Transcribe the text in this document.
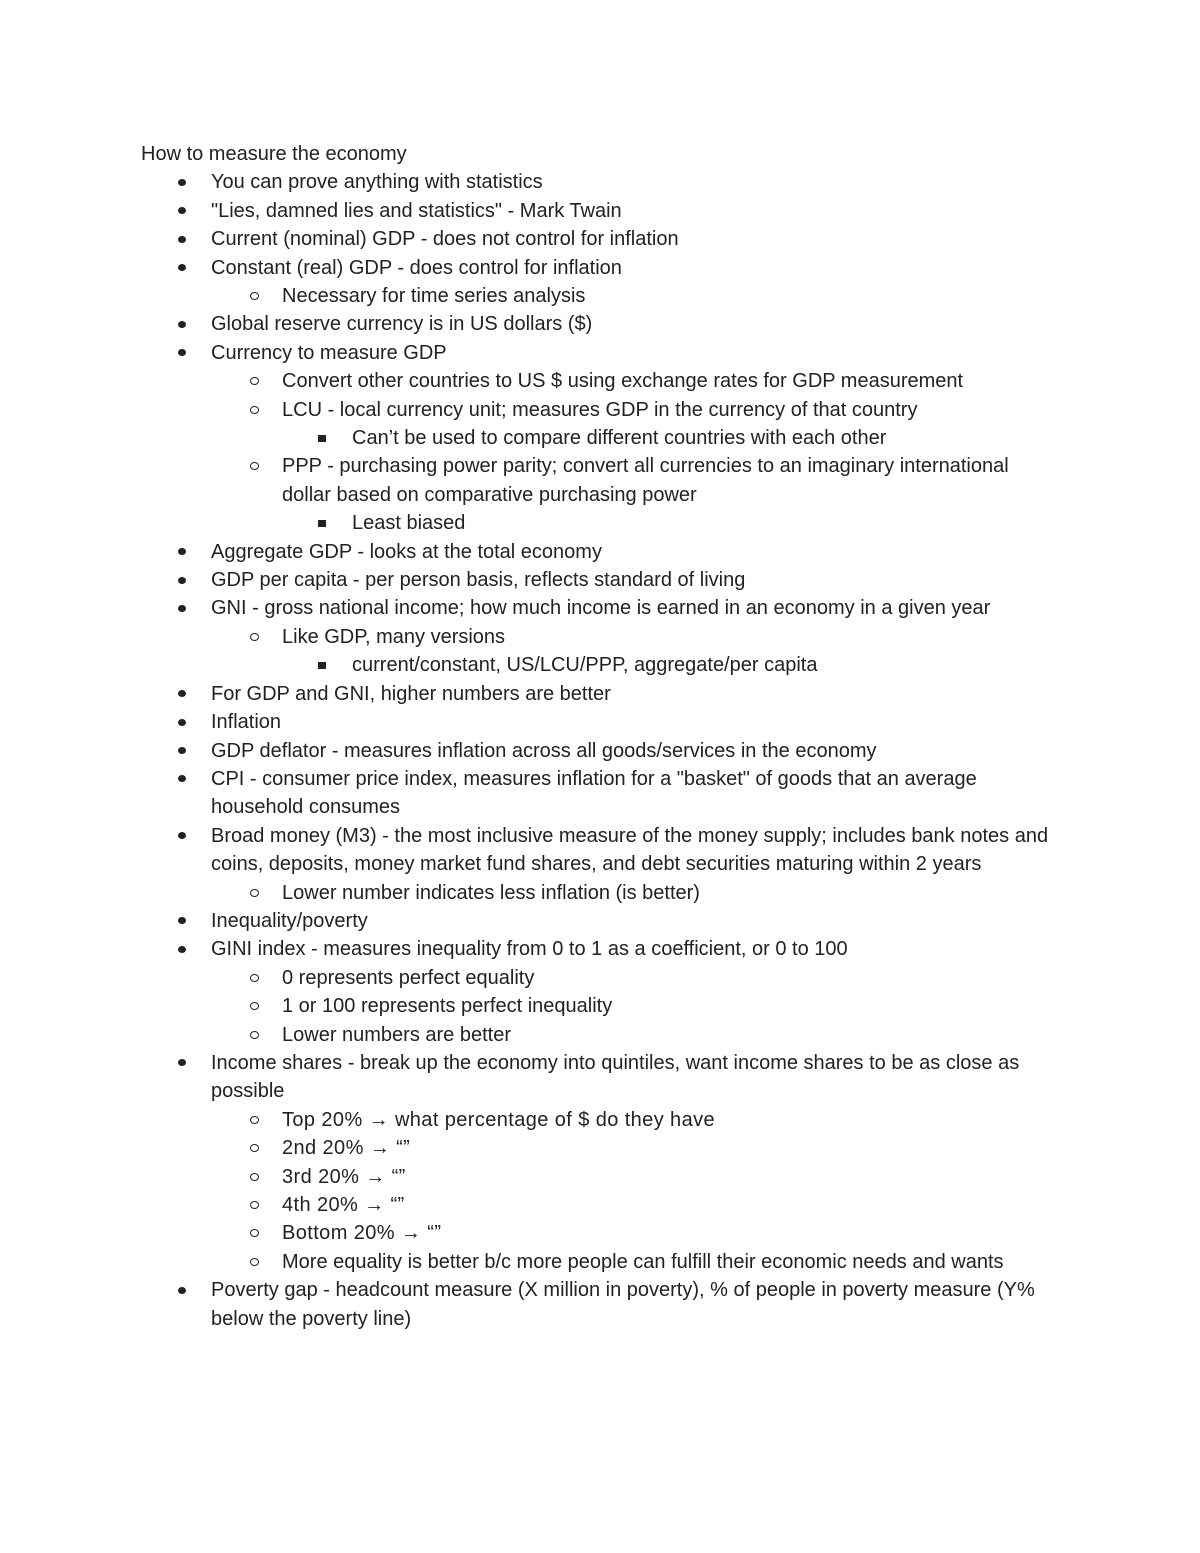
How to measure the economy
You can prove anything with statistics
"Lies, damned lies and statistics" - Mark Twain
Current (nominal) GDP - does not control for inflation
Constant (real) GDP - does control for inflation
Necessary for time series analysis
Global reserve currency is in US dollars ($)
Currency to measure GDP
Convert other countries to US $ using exchange rates for GDP measurement
LCU - local currency unit; measures GDP in the currency of that country
Can’t be used to compare different countries with each other
PPP - purchasing power parity; convert all currencies to an imaginary international dollar based on comparative purchasing power
Least biased
Aggregate GDP - looks at the total economy
GDP per capita - per person basis, reflects standard of living
GNI - gross national income; how much income is earned in an economy in a given year
Like GDP, many versions
current/constant, US/LCU/PPP, aggregate/per capita
For GDP and GNI, higher numbers are better
Inflation
GDP deflator - measures inflation across all goods/services in the economy
CPI - consumer price index, measures inflation for a "basket" of goods that an average household consumes
Broad money (M3) - the most inclusive measure of the money supply; includes bank notes and coins, deposits, money market fund shares, and debt securities maturing within 2 years
Lower number indicates less inflation (is better)
Inequality/poverty
GINI index - measures inequality from 0 to 1 as a coefficient, or 0 to 100
0 represents perfect equality
1 or 100 represents perfect inequality
Lower numbers are better
Income shares - break up the economy into quintiles, want income shares to be as close as possible
Top 20% → what percentage of $ do they have
2nd 20% → “”
3rd 20% → “”
4th 20% → “”
Bottom 20% → “”
More equality is better b/c more people can fulfill their economic needs and wants
Poverty gap - headcount measure (X million in poverty), % of people in poverty measure (Y% below the poverty line)
